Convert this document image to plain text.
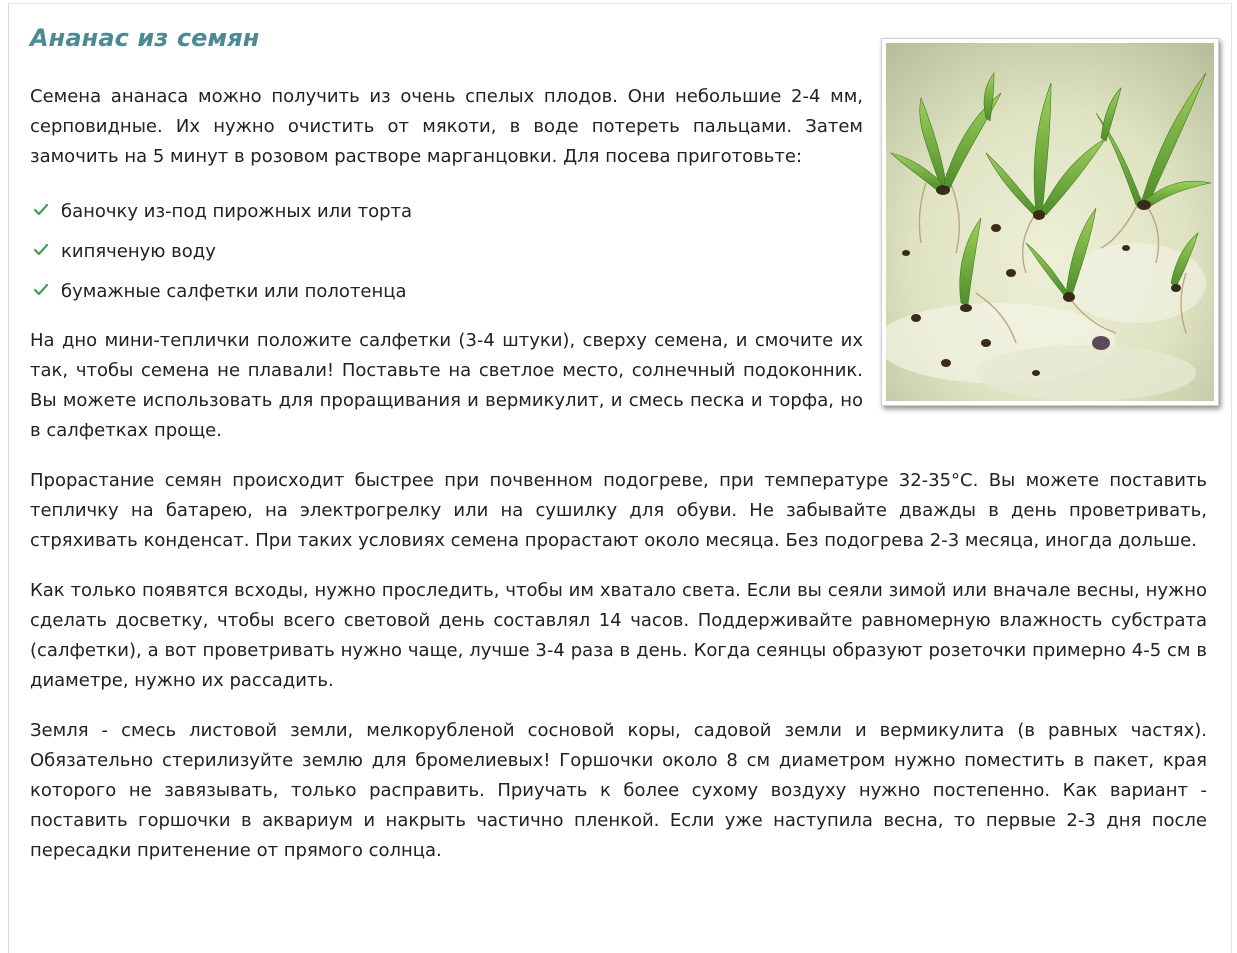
Ананас из семян

Семена ананаса можно получить из очень спелых плодов. Они небольшие 2-4 мм, серповидные. Их нужно очистить от мякоти, в воде потереть пальцами. Затем замочить на 5 минут в розовом растворе марганцовки. Для посева приготовьте:

баночку из-под пирожных или торта
кипяченую воду
бумажные салфетки или полотенца

На дно мини-теплички положите салфетки (3-4 штуки), сверху семена, и смочите их так, чтобы семена не плавали! Поставьте на светлое место, солнечный подоконник. Вы можете использовать для проращивания и вермикулит, и смесь песка и торфа, но в салфетках проще.

Прорастание семян происходит быстрее при почвенном подогреве, при температуре 32-35°С. Вы можете поставить тепличку на батарею, на электрогрелку или на сушилку для обуви. Не забывайте дважды в день проветривать, стряхивать конденсат. При таких условиях семена прорастают около месяца. Без подогрева 2-3 месяца, иногда дольше.

Как только появятся всходы, нужно проследить, чтобы им хватало света. Если вы сеяли зимой или вначале весны, нужно сделать досветку, чтобы всего световой день составлял 14 часов. Поддерживайте равномерную влажность субстрата (салфетки), а вот проветривать нужно чаще, лучше 3-4 раза в день. Когда сеянцы образуют розеточки примерно 4-5 см в диаметре, нужно их рассадить.

Земля - смесь листовой земли, мелкорубленой сосновой коры, садовой земли и вермикулита (в равных частях). Обязательно стерилизуйте землю для бромелиевых! Горшочки около 8 см диаметром нужно поместить в пакет, края которого не завязывать, только расправить. Приучать к более сухому воздуху нужно постепенно. Как вариант - поставить горшочки в аквариум и накрыть частично пленкой. Если уже наступила весна, то первые 2-3 дня после пересадки притенение от прямого солнца.
